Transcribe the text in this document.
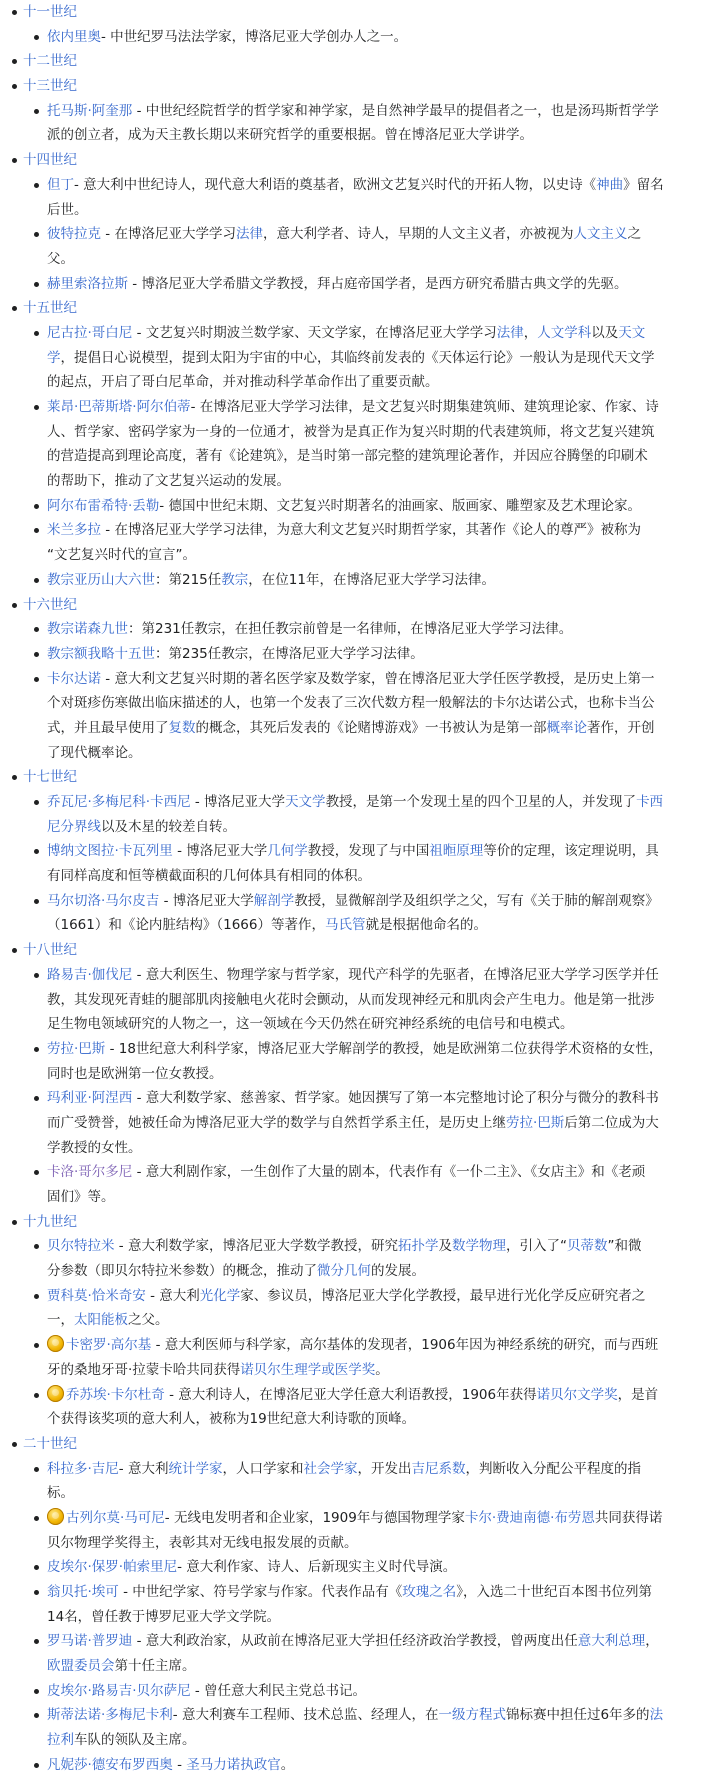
十一世纪
依内里奥- 中世纪罗马法法学家，博洛尼亚大学创办人之一。
十二世纪
十三世纪
托马斯·阿奎那 - 中世纪经院哲学的哲学家和神学家，是自然神学最早的提倡者之一，也是汤玛斯哲学学
派的创立者，成为天主教长期以来研究哲学的重要根据。曾在博洛尼亚大学讲学。
十四世纪
但丁- 意大利中世纪诗人，现代意大利语的奠基者，欧洲文艺复兴时代的开拓人物，以史诗《神曲》留名
后世。
彼特拉克 - 在博洛尼亚大学学习法律，意大利学者、诗人，早期的人文主义者，亦被视为人文主义之
父。
赫里索洛拉斯 - 博洛尼亚大学希腊文学教授，拜占庭帝国学者，是西方研究希腊古典文学的先驱。
十五世纪
尼古拉·哥白尼 - 文艺复兴时期波兰数学家、天文学家，在博洛尼亚大学学习法律，人文学科以及天文
学，提倡日心说模型，提到太阳为宇宙的中心，其临终前发表的《天体运行论》一般认为是现代天文学
的起点，开启了哥白尼革命，并对推动科学革命作出了重要贡献。
莱昂·巴蒂斯塔·阿尔伯蒂- 在博洛尼亚大学学习法律，是文艺复兴时期集建筑师、建筑理论家、作家、诗
人、哲学家、密码学家为一身的一位通才，被誉为是真正作为复兴时期的代表建筑师，将文艺复兴建筑
的营造提高到理论高度，著有《论建筑》，是当时第一部完整的建筑理论著作，并因应谷腾堡的印刷术
的帮助下，推动了文艺复兴运动的发展。
阿尔布雷希特·丢勒- 德国中世纪末期、文艺复兴时期著名的油画家、版画家、雕塑家及艺术理论家。
米兰多拉 - 在博洛尼亚大学学习法律，为意大利文艺复兴时期哲学家，其著作《论人的尊严》被称为
“文艺复兴时代的宣言”。
教宗亚历山大六世：第215任教宗，在位11年，在博洛尼亚大学学习法律。
十六世纪
教宗诺森九世：第231任教宗，在担任教宗前曾是一名律师，在博洛尼亚大学学习法律。
教宗额我略十五世：第235任教宗，在博洛尼亚大学学习法律。
卡尔达诺 - 意大利文艺复兴时期的著名医学家及数学家，曾在博洛尼亚大学任医学教授，是历史上第一
个对斑疹伤寒做出临床描述的人，也第一个发表了三次代数方程一般解法的卡尔达诺公式，也称卡当公
式，并且最早使用了复数的概念，其死后发表的《论赌博游戏》一书被认为是第一部概率论著作，开创
了现代概率论。
十七世纪
乔瓦尼·多梅尼科·卡西尼 - 博洛尼亚大学天文学教授，是第一个发现土星的四个卫星的人，并发现了卡西
尼分界线以及木星的较差自转。
博纳文图拉·卡瓦列里 - 博洛尼亚大学几何学教授，发现了与中国祖暅原理等价的定理，该定理说明，具
有同样高度和恒等横截面积的几何体具有相同的体积。
马尔切洛·马尔皮吉 - 博洛尼亚大学解剖学教授，显微解剖学及组织学之父，写有《关于肺的解剖观察》
（1661）和《论内脏结构》（1666）等著作，马氏管就是根据他命名的。
十八世纪
路易吉·伽伐尼 - 意大利医生、物理学家与哲学家，现代产科学的先驱者，在博洛尼亚大学学习医学并任
教，其发现死青蛙的腿部肌肉接触电火花时会颤动，从而发现神经元和肌肉会产生电力。他是第一批涉
足生物电领域研究的人物之一，这一领域在今天仍然在研究神经系统的电信号和电模式。
劳拉·巴斯 - 18世纪意大利科学家，博洛尼亚大学解剖学的教授，她是欧洲第二位获得学术资格的女性，
同时也是欧洲第一位女教授。
玛利亚·阿涅西 - 意大利数学家、慈善家、哲学家。她因撰写了第一本完整地讨论了积分与微分的教科书
而广受赞誉，她被任命为博洛尼亚大学的数学与自然哲学系主任，是历史上继劳拉·巴斯后第二位成为大
学教授的女性。
卡洛·哥尔多尼 - 意大利剧作家，一生创作了大量的剧本，代表作有《一仆二主》、《女店主》和《老顽
固们》等。
十九世纪
贝尔特拉米 - 意大利数学家，博洛尼亚大学数学教授，研究拓扑学及数学物理，引入了“贝蒂数”和微
分参数（即贝尔特拉米参数）的概念，推动了微分几何的发展。
贾科莫·恰米奇安 - 意大利光化学家、参议员，博洛尼亚大学化学教授，最早进行光化学反应研究者之
一，太阳能板之父。
卡密罗·高尔基 - 意大利医师与科学家，高尔基体的发现者，1906年因为神经系统的研究，而与西班
牙的桑地牙哥·拉蒙卡哈共同获得诺贝尔生理学或医学奖。
乔苏埃·卡尔杜奇 - 意大利诗人，在博洛尼亚大学任意大利语教授，1906年获得诺贝尔文学奖，是首
个获得该奖项的意大利人，被称为19世纪意大利诗歌的顶峰。
二十世纪
科拉多·吉尼- 意大利统计学家，人口学家和社会学家，开发出吉尼系数，判断收入分配公平程度的指
标。
古列尔莫·马可尼- 无线电发明者和企业家，1909年与德国物理学家卡尔·费迪南德·布劳恩共同获得诺
贝尔物理学奖得主，表彰其对无线电报发展的贡献。
皮埃尔·保罗·帕索里尼- 意大利作家、诗人、后新现实主义时代导演。
翁贝托·埃可 - 中世纪学家、符号学家与作家。代表作品有《玫瑰之名》，入选二十世纪百本图书位列第
14名，曾任教于博罗尼亚大学文学院。
罗马诺·普罗迪 - 意大利政治家，从政前在博洛尼亚大学担任经济政治学教授，曾两度出任意大利总理，
欧盟委员会第十任主席。
皮埃尔·路易吉·贝尔萨尼 - 曾任意大利民主党总书记。
斯蒂法诺·多梅尼卡利- 意大利赛车工程师、技术总监、经理人，在一级方程式锦标赛中担任过6年多的法
拉利车队的领队及主席。
凡妮莎·德安布罗西奥 - 圣马力诺执政官。
